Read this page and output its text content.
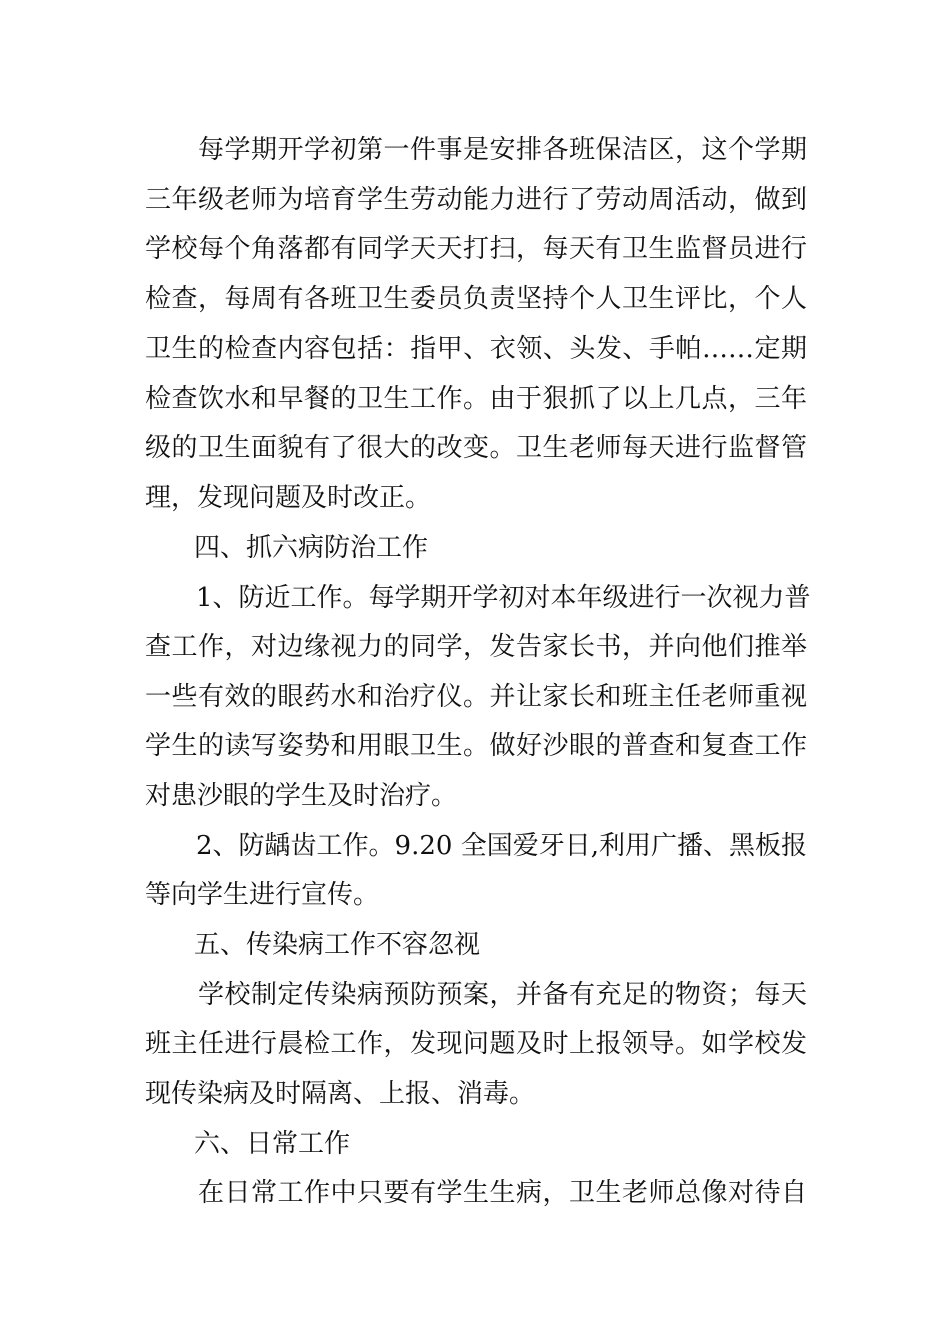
每学期开学初第一件事是安排各班保洁区，这个学期
三年级老师为培育学生劳动能力进行了劳动周活动，做到
学校每个角落都有同学天天打扫，每天有卫生监督员进行
检查，每周有各班卫生委员负责坚持个人卫生评比，个人
卫生的检查内容包括：指甲、衣领、头发、手帕……定期
检查饮水和早餐的卫生工作。由于狠抓了以上几点，三年
级的卫生面貌有了很大的改变。卫生老师每天进行监督管
理，发现问题及时改正。
四、抓六病防治工作
1、防近工作。每学期开学初对本年级进行一次视力普
查工作，对边缘视力的同学，发告家长书，并向他们推举
一些有效的眼药水和治疗仪。并让家长和班主任老师重视
学生的读写姿势和用眼卫生。做好沙眼的普查和复查工作
对患沙眼的学生及时治疗。
2、防龋齿工作。9.20 全国爱牙日,利用广播、黑板报
等向学生进行宣传。
五、传染病工作不容忽视
学校制定传染病预防预案，并备有充足的物资；每天
班主任进行晨检工作，发现问题及时上报领导。如学校发
现传染病及时隔离、上报、消毒。
六、日常工作
在日常工作中只要有学生生病，卫生老师总像对待自
